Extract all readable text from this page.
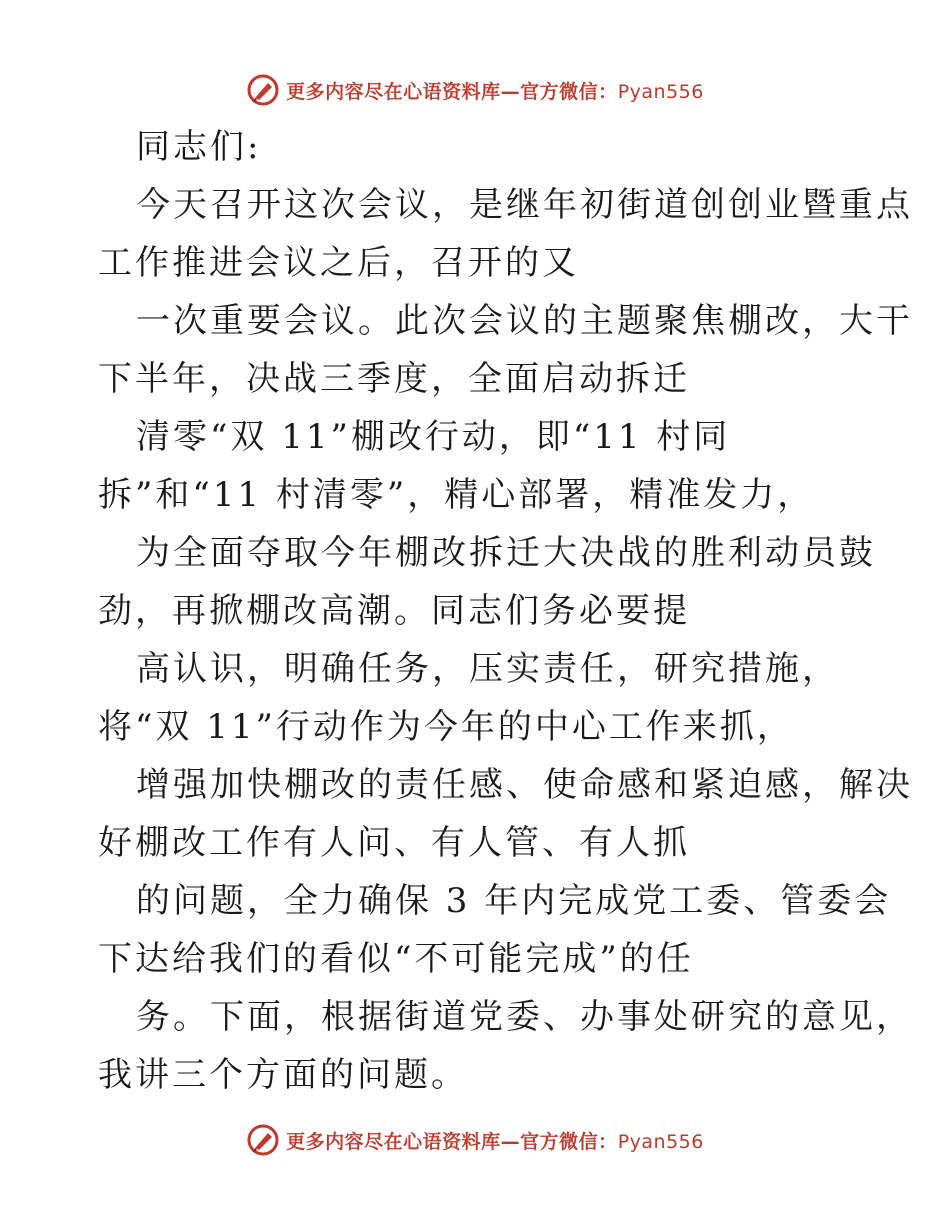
更多内容尽在心语资料库—官方微信：Pyan556
同志们:
今天召开这次会议，是继年初街道创创业暨重点
工作推进会议之后，召开的又
一次重要会议。此次会议的主题聚焦棚改，大干
下半年，决战三季度，全面启动拆迁
清零“双 11”棚改行动，即“11 村同
拆”和“11 村清零”，精心部署，精准发力，
为全面夺取今年棚改拆迁大决战的胜利动员鼓
劲，再掀棚改高潮。同志们务必要提
高认识，明确任务，压实责任，研究措施，
将“双 11”行动作为今年的中心工作来抓，
增强加快棚改的责任感、使命感和紧迫感，解决
好棚改工作有人问、有人管、有人抓
的问题，全力确保 3 年内完成党工委、管委会
下达给我们的看似“不可能完成”的任
务。下面，根据街道党委、办事处研究的意见，
我讲三个方面的问题。
更多内容尽在心语资料库—官方微信：Pyan556
